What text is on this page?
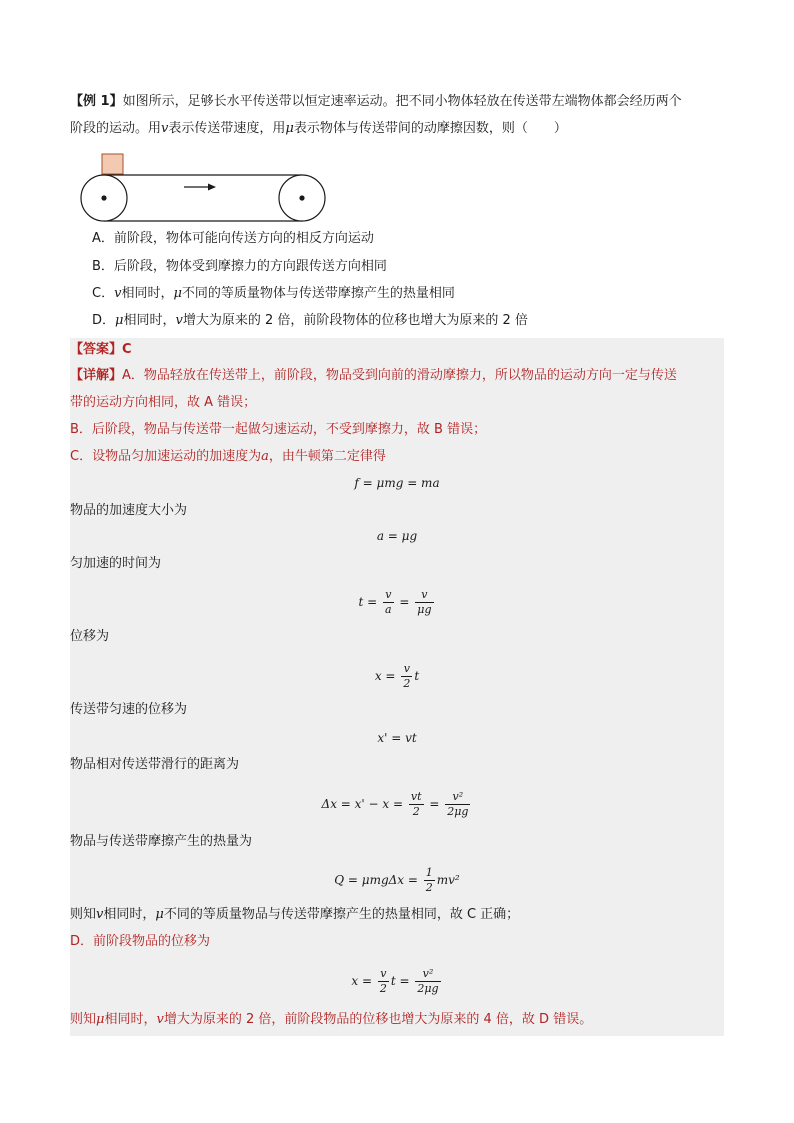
【例 1】如图所示，足够长水平传送带以恒定速率运动。把不同小物体轻放在传送带左端物体都会经历两个
阶段的运动。用v表示传送带速度，用μ表示物体与传送带间的动摩擦因数，则（　　）
A．前阶段，物体可能向传送方向的相反方向运动
B．后阶段，物体受到摩擦力的方向跟传送方向相同
C．v相同时，μ不同的等质量物体与传送带摩擦产生的热量相同
D．μ相同时，v增大为原来的 2 倍，前阶段物体的位移也增大为原来的 2 倍
【答案】C
【详解】A．物品轻放在传送带上，前阶段，物品受到向前的滑动摩擦力，所以物品的运动方向一定与传送
带的运动方向相同，故 A 错误；
B．后阶段，物品与传送带一起做匀速运动，不受到摩擦力，故 B 错误；
C．设物品匀加速运动的加速度为a，由牛顿第二定律得
f = μmg = ma
物品的加速度大小为
a = μg
匀加速的时间为
$t = \frac{v}{a} = \frac{v}{\mu g}$
位移为
$x = \frac{v}{2}$ t
传送带匀速的位移为
x' = vt
物品相对传送带滑行的距离为
$\Delta x = x' - x = \frac{vt}{2} = \frac{\text{v²}}{2\mu g}$
物品与传送带摩擦产生的热量为
$Q = \mu mg\Delta x = \frac{1}{2} mv^2$
则知v相同时，μ不同的等质量物品与传送带摩擦产生的热量相同，故 C 正确；
D．前阶段物品的位移为
$x = \frac{v}{2}$ $t = \frac{\text{v²}}{2\mu g}$
则知μ相同时，v增大为原来的 2 倍，前阶段物品的位移也增大为原来的 4 倍，故 D 错误。
